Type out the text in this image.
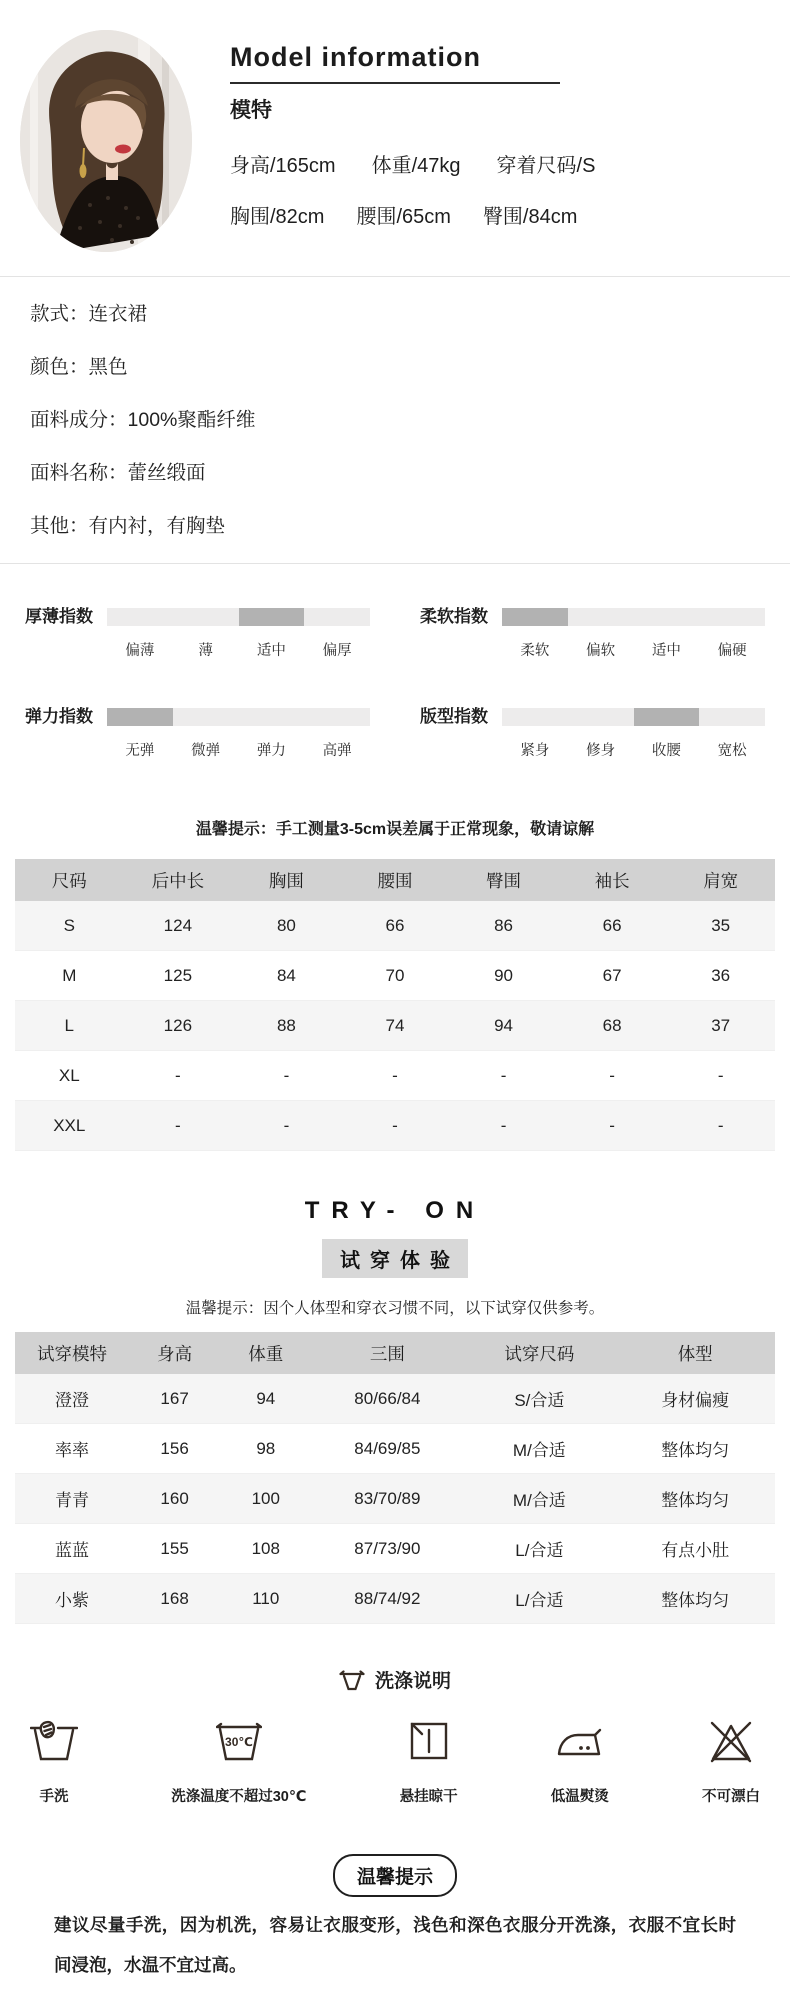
Model information
模特
身高/165cm 体重/47kg 穿着尺码/S
胸围/82cm 腰围/65cm 臀围/84cm
款式：连衣裙
颜色：黑色
面料成分：100%聚酯纤维
面料名称：蕾丝缎面
其他：有内衬，有胸垫
厚薄指数
偏薄	薄	适中	偏厚
柔软指数
柔软	偏软	适中	偏硬
弹力指数
无弹	微弹	弹力	高弹
版型指数
紧身	修身	收腰	宽松
温馨提示：手工测量3-5cm误差属于正常现象，敬请谅解
尺码	后中长	胸围	腰围	臀围	袖长	肩宽
S	124	80	66	86	66	35
M	125	84	70	90	67	36
L	126	88	74	94	68	37
XL	-	-	-	-	-	-
XXL	-	-	-	-	-	-
TRY- ON
试穿体验
温馨提示：因个人体型和穿衣习惯不同，以下试穿仅供参考。
试穿模特	身高	体重	三围	试穿尺码	体型
澄澄	167	94	80/66/84	S/合适	身材偏瘦
率率	156	98	84/69/85	M/合适	整体均匀
青青	160	100	83/70/89	M/合适	整体均匀
蓝蓝	155	108	87/73/90	L/合适	有点小肚
小紫	168	110	88/74/92	L/合适	整体均匀
洗涤说明
手洗
30℃
洗涤温度不超过30℃	悬挂晾干	低温熨烫	不可漂白
温馨提示
建议尽量手洗，因为机洗，容易让衣服变形，浅色和深色衣服分开洗涤，衣服不宜长时间浸泡，水温不宜过高。
